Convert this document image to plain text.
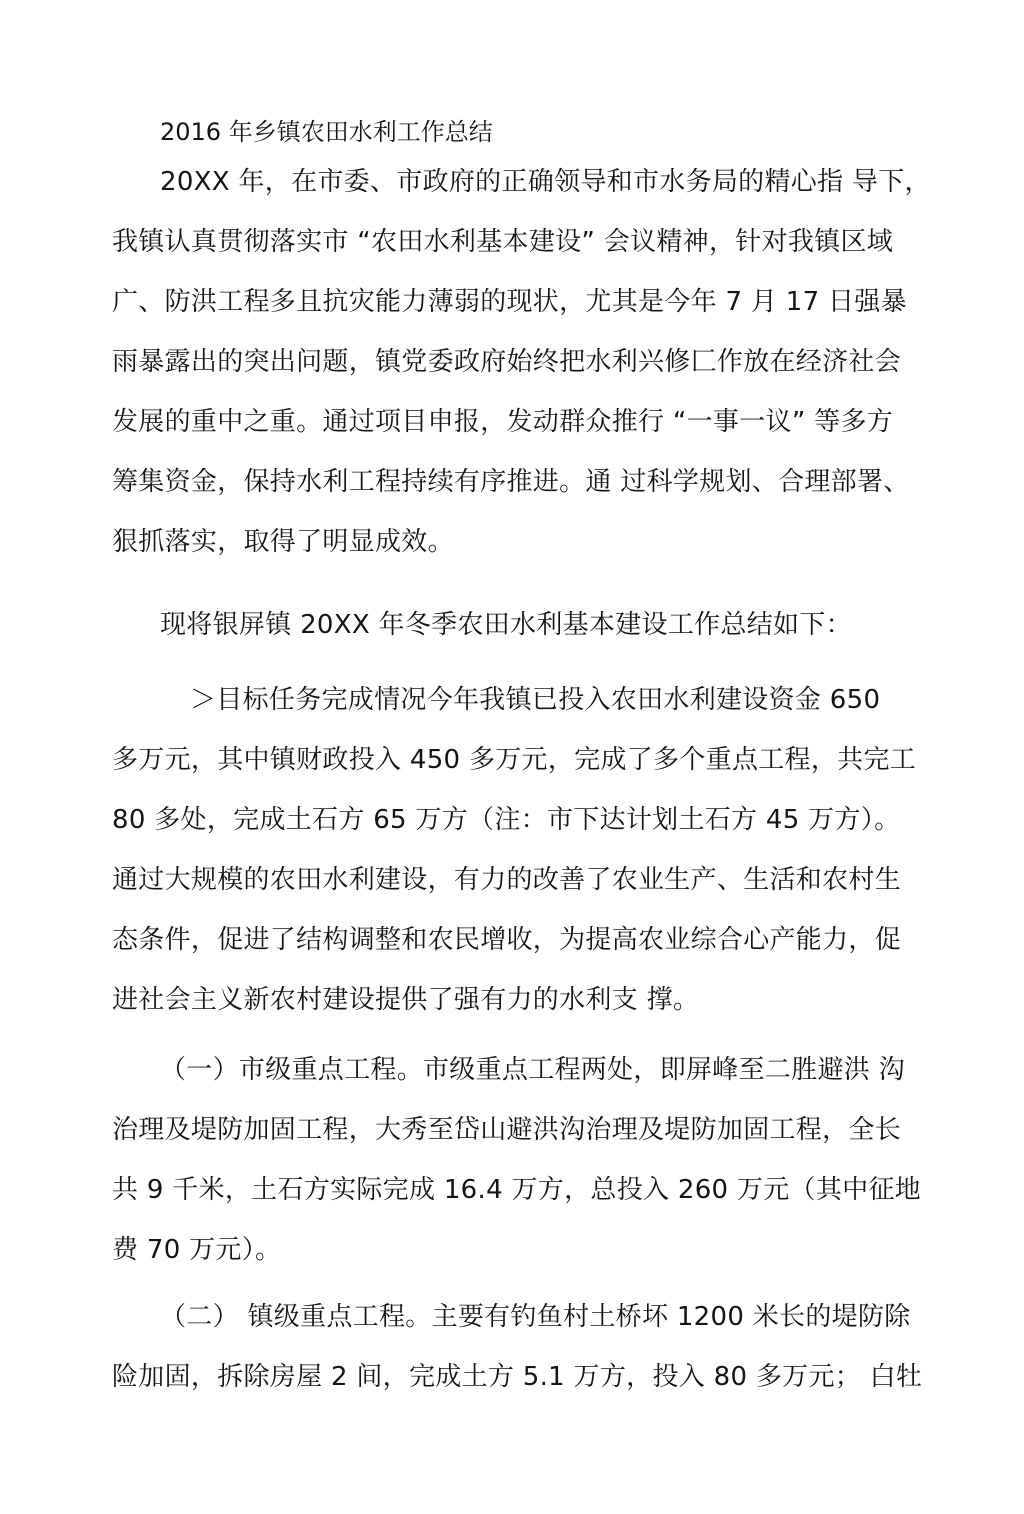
2016 年乡镇农田水利工作总结
20XX 年，在市委、市政府的正确领导和市水务局的精心指 导下，
我镇认真贯彻落实市 “农田水利基本建设” 会议精神，针对我镇区域
广、防洪工程多且抗灾能力薄弱的现状，尤其是今年 7 月 17 日强暴
雨暴露出的突出问题，镇党委政府始终把水利兴修匚作放在经济社会
发展的重中之重。通过项目申报，发动群众推行 “一事一议” 等多方
筹集资金，保持水利工程持续有序推进。通 过科学规划、合理部署、
狠抓落实，取得了明显成效。
现将银屏镇 20XX 年冬季农田水利基本建设工作总结如下：
＞目标任务完成情况今年我镇已投入农田水利建设资金 650
多万元，其中镇财政投入 450 多万元，完成了多个重点工程，共完工
80 多处，完成土石方 65 万方（注：市下达计划土石方 45 万方）。
通过大规模的农田水利建设，有力的改善了农业生产、生活和农村生
态条件，促进了结构调整和农民增收，为提高农业综合心产能力，促
进社会主义新农村建设提供了强有力的水利支 撑。
（一）市级重点工程。市级重点工程两处，即屏峰至二胜避洪 沟
治理及堤防加固工程，大秀至岱山避洪沟治理及堤防加固工程，全长
共 9 千米，土石方实际完成 16.4 万方，总投入 260 万元（其中征地
费 70 万元）。
（二） 镇级重点工程。主要有钓鱼村土桥坏 1200 米长的堤防除
险加固，拆除房屋 2 间，完成土方 5.1 万方，投入 80 多万元； 白牡
